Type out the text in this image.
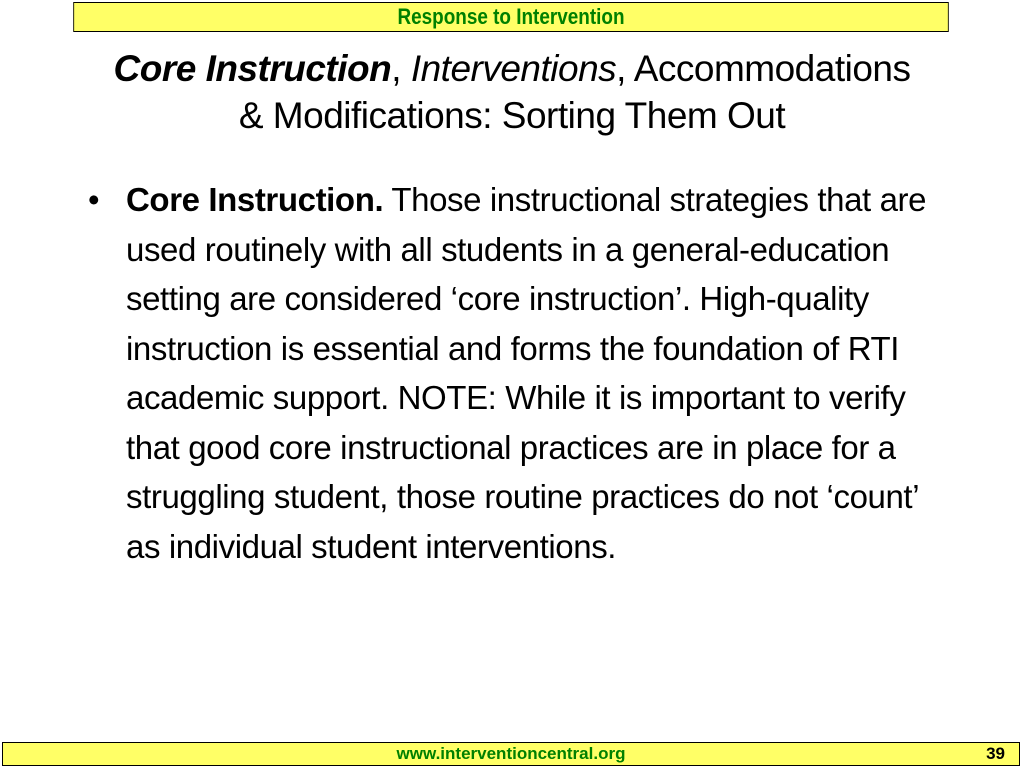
Response to Intervention
Core Instruction, Interventions, Accommodations
& Modifications: Sorting Them Out
• Core Instruction. Those instructional strategies that are used routinely with all students in a general-education setting are considered ‘core instruction’. High-quality instruction is essential and forms the foundation of RTI academic support. NOTE: While it is important to verify that good core instructional practices are in place for a struggling student, those routine practices do not ‘count’ as individual student interventions.
www.interventioncentral.org	39
